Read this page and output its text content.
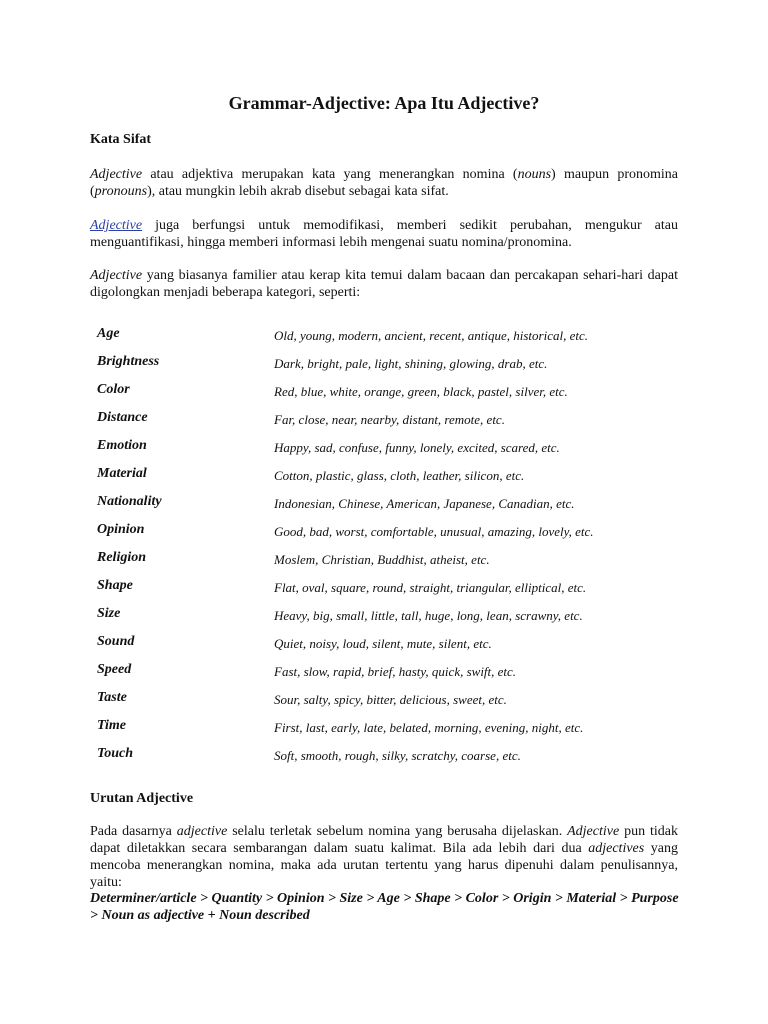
Grammar-Adjective: Apa Itu Adjective?
Kata Sifat
Adjective atau adjektiva merupakan kata yang menerangkan nomina (nouns) maupun pronomina (pronouns), atau mungkin lebih akrab disebut sebagai kata sifat.
Adjective juga berfungsi untuk memodifikasi, memberi sedikit perubahan, mengukur atau menguantifikasi, hingga memberi informasi lebih mengenai suatu nomina/pronomina.
Adjective yang biasanya familier atau kerap kita temui dalam bacaan dan percakapan sehari-hari dapat digolongkan menjadi beberapa kategori, seperti:
Age	Old, young, modern, ancient, recent, antique, historical, etc.
Brightness	Dark, bright, pale, light, shining, glowing, drab, etc.
Color	Red, blue, white, orange, green, black, pastel, silver, etc.
Distance	Far, close, near, nearby, distant, remote, etc.
Emotion	Happy, sad, confuse, funny, lonely, excited, scared, etc.
Material	Cotton, plastic, glass, cloth, leather, silicon, etc.
Nationality	Indonesian, Chinese, American, Japanese, Canadian, etc.
Opinion	Good, bad, worst, comfortable, unusual, amazing, lovely, etc.
Religion	Moslem, Christian, Buddhist, atheist, etc.
Shape	Flat, oval, square, round, straight, triangular, elliptical, etc.
Size	Heavy, big, small, little, tall, huge, long, lean, scrawny, etc.
Sound	Quiet, noisy, loud, silent, mute, silent, etc.
Speed	Fast, slow, rapid, brief, hasty, quick, swift, etc.
Taste	Sour, salty, spicy, bitter, delicious, sweet, etc.
Time	First, last, early, late, belated, morning, evening, night, etc.
Touch	Soft, smooth, rough, silky, scratchy, coarse, etc.
Urutan Adjective
Pada dasarnya adjective selalu terletak sebelum nomina yang berusaha dijelaskan. Adjective pun tidak dapat diletakkan secara sembarangan dalam suatu kalimat. Bila ada lebih dari dua adjectives yang mencoba menerangkan nomina, maka ada urutan tertentu yang harus dipenuhi dalam penulisannya, yaitu:
Determiner/article > Quantity > Opinion > Size > Age > Shape > Color > Origin > Material > Purpose > Noun as adjective + Noun described
